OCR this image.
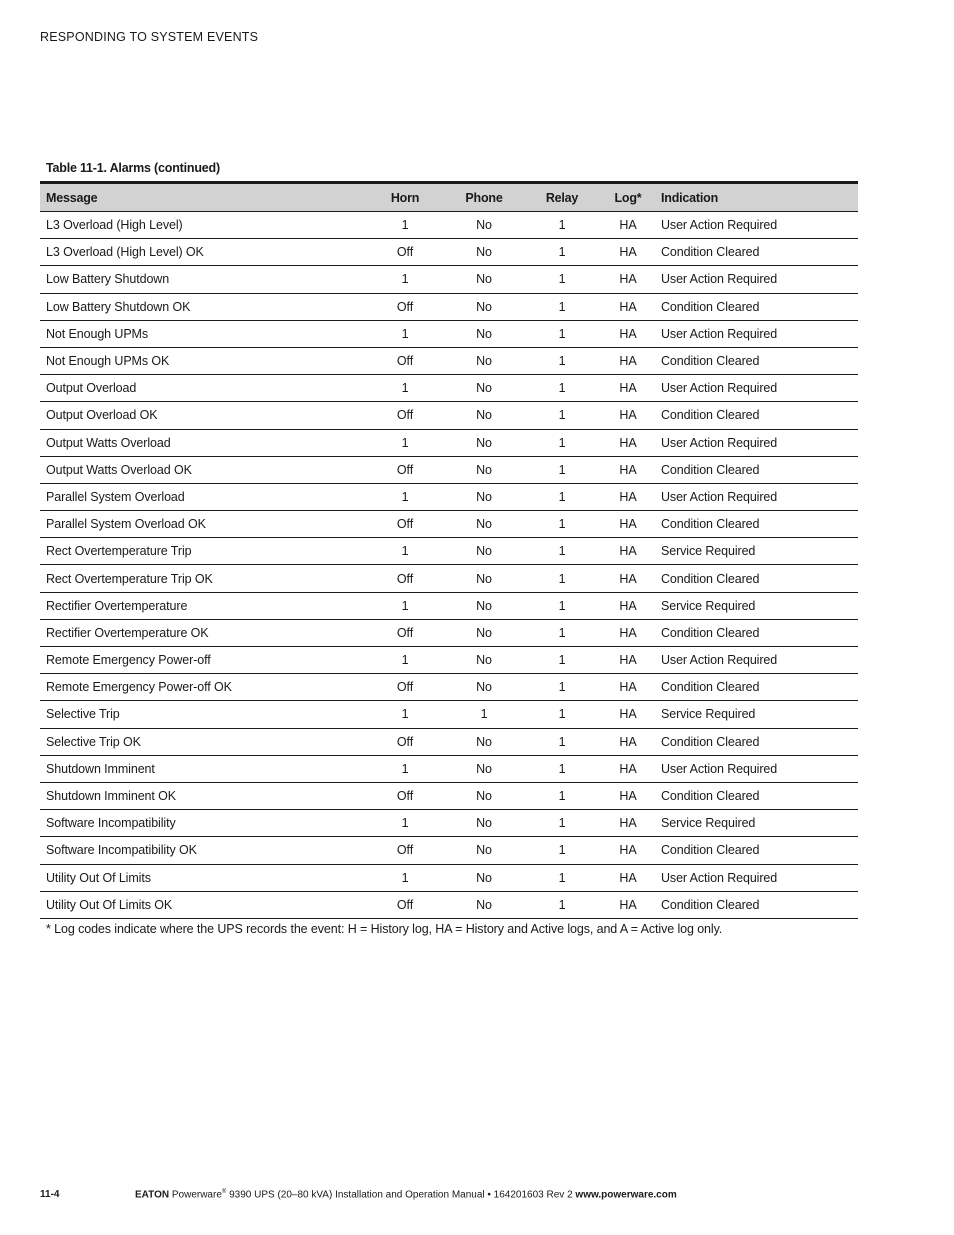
RESPONDING TO SYSTEM EVENTS
Table 11-1. Alarms (continued)
Message	Horn	Phone	Relay	Log*	Indication
L3 Overload (High Level)	1	No	1	HA	User Action Required
L3 Overload (High Level) OK	Off	No	1	HA	Condition Cleared
Low Battery Shutdown	1	No	1	HA	User Action Required
Low Battery Shutdown OK	Off	No	1	HA	Condition Cleared
Not Enough UPMs	1	No	1	HA	User Action Required
Not Enough UPMs OK	Off	No	1	HA	Condition Cleared
Output Overload	1	No	1	HA	User Action Required
Output Overload OK	Off	No	1	HA	Condition Cleared
Output Watts Overload	1	No	1	HA	User Action Required
Output Watts Overload OK	Off	No	1	HA	Condition Cleared
Parallel System Overload	1	No	1	HA	User Action Required
Parallel System Overload OK	Off	No	1	HA	Condition Cleared
Rect Overtemperature Trip	1	No	1	HA	Service Required
Rect Overtemperature Trip OK	Off	No	1	HA	Condition Cleared
Rectifier Overtemperature	1	No	1	HA	Service Required
Rectifier Overtemperature OK	Off	No	1	HA	Condition Cleared
Remote Emergency Power-off	1	No	1	HA	User Action Required
Remote Emergency Power-off OK	Off	No	1	HA	Condition Cleared
Selective Trip	1	1	1	HA	Service Required
Selective Trip OK	Off	No	1	HA	Condition Cleared
Shutdown Imminent	1	No	1	HA	User Action Required
Shutdown Imminent OK	Off	No	1	HA	Condition Cleared
Software Incompatibility	1	No	1	HA	Service Required
Software Incompatibility OK	Off	No	1	HA	Condition Cleared
Utility Out Of Limits	1	No	1	HA	User Action Required
Utility Out Of Limits OK	Off	No	1	HA	Condition Cleared
* Log codes indicate where the UPS records the event: H = History log, HA = History and Active logs, and A = Active log only.
11-4	EATON Powerware® 9390 UPS (20–80 kVA) Installation and Operation Manual • 164201603 Rev 2 www.powerware.com
